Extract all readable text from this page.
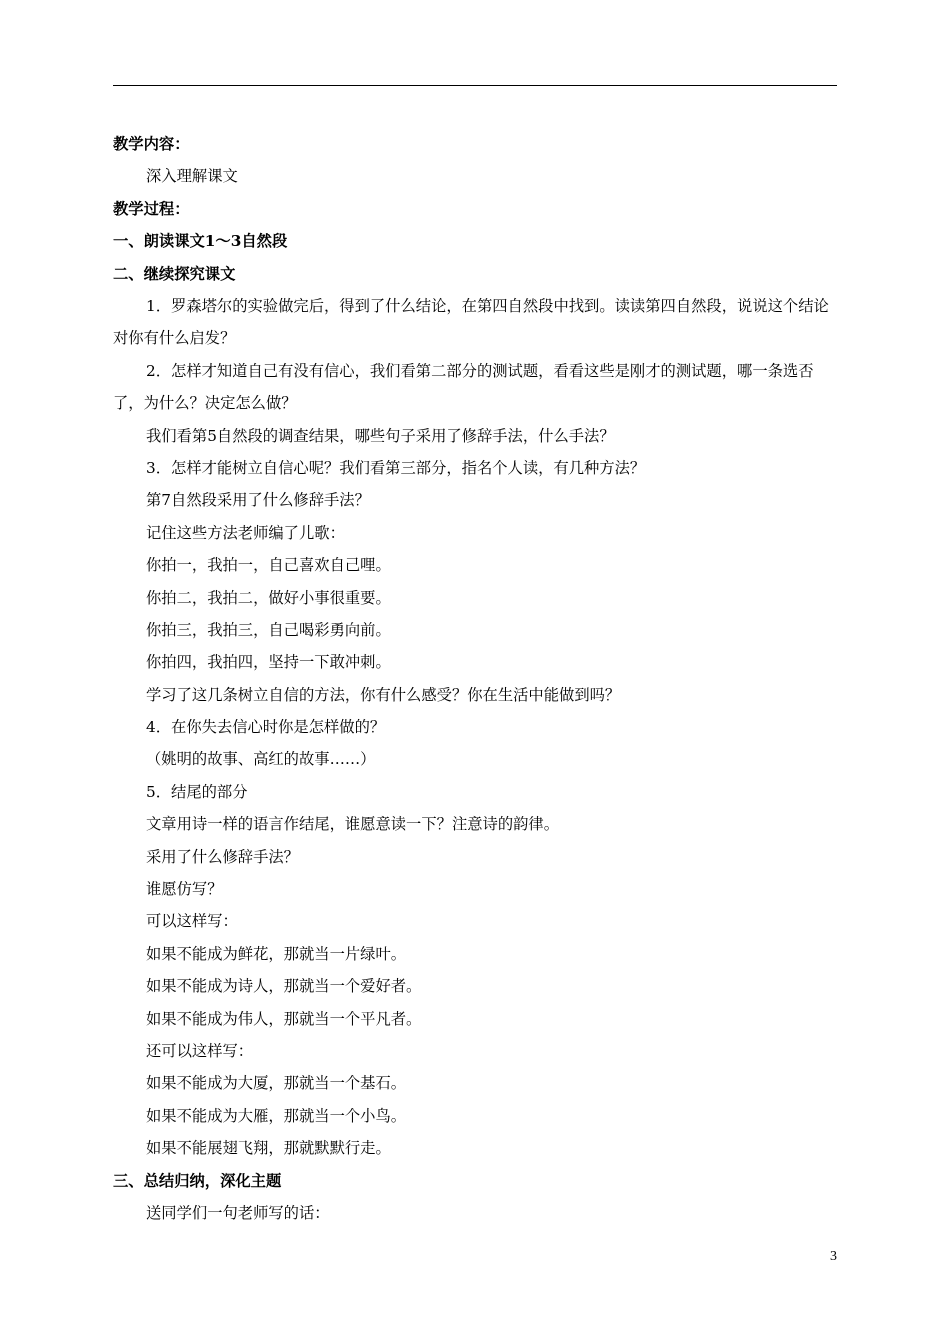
教学内容：
深入理解课文
教学过程：
一、朗读课文1～3自然段
二、继续探究课文
1．罗森塔尔的实验做完后，得到了什么结论，在第四自然段中找到。读读第四自然段，说说这个结论对你有什么启发？
2．怎样才知道自己有没有信心，我们看第二部分的测试题，看看这些是刚才的测试题，哪一条选否了，为什么？决定怎么做？
我们看第5自然段的调查结果，哪些句子采用了修辞手法，什么手法？
3．怎样才能树立自信心呢？我们看第三部分，指名个人读，有几种方法？
第7自然段采用了什么修辞手法？
记住这些方法老师编了儿歌：
你拍一，我拍一，自己喜欢自己哩。
你拍二，我拍二，做好小事很重要。
你拍三，我拍三，自己喝彩勇向前。
你拍四，我拍四，坚持一下敢冲刺。
学习了这几条树立自信的方法，你有什么感受？你在生活中能做到吗？
4．在你失去信心时你是怎样做的？
（姚明的故事、高红的故事……）
5．结尾的部分
文章用诗一样的语言作结尾，谁愿意读一下？注意诗的韵律。
采用了什么修辞手法？
谁愿仿写？
可以这样写：
如果不能成为鲜花，那就当一片绿叶。
如果不能成为诗人，那就当一个爱好者。
如果不能成为伟人，那就当一个平凡者。
还可以这样写：
如果不能成为大厦，那就当一个基石。
如果不能成为大雁，那就当一个小鸟。
如果不能展翅飞翔，那就默默行走。
三、总结归纳，深化主题
送同学们一句老师写的话：
3
